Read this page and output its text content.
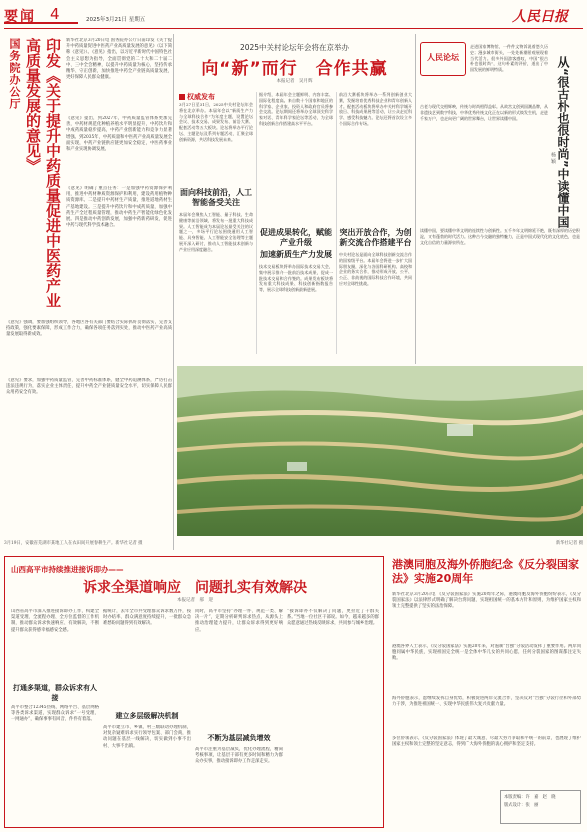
要闻 4	2025年3月21日 星期五	人民日报
国务院办公厅	印发《关于提升中药质量促进中医药产业高质量发展的意见》	新华社北京3月20日电 国务院办公厅日前印发《关于提升中药质量促进中医药产业高质量发展的意见》（以下简称《意见》）。《意见》指出，以习近平新时代中国特色社会主义思想为指导，全面贯彻党的二十大和二十届二中、三中全会精神，以提升中药质量为核心，坚持传承精华、守正创新，加快推进中药全产业链高质量发展，更好保障人民群众健康。

《意见》提出，到2027年，中药质量监管体系更加完善，中药材规范化种植养殖水平明显提升，中药饮片和中成药质量稳步提高，中药产业创新能力和竞争力显著增强。到2035年，中药质量和中医药产业高质量发展全面实现，中药产业链供应链更加安全稳定，中医药事业和产业实现协调发展。

《意见》明确了重点任务：一是加强中药资源保护利用，推进中药材种质资源保护和利用，建设药用植物种质资源库。二是提升中药材生产质量，推进道地药材生产基地建设。三是提升中药饮片和中成药质量，加强中药生产全过程质量管理，推动中药生产智能化绿色化发展。四是推动中药创新发展，加强中药新药研发，促进中药与现代科学技术融合。

《意见》强调，要加强组织领导，各地区各有关部门要结合实际抓好贯彻落实，完善支持政策，强化要素保障，形成工作合力，确保各项任务落到实处，推动中医药产业高质量发展取得新成效。

《意见》要求，加强中药质量监管，完善中药标准体系，健全中药追溯体系，严厉打击违法违规行为，落实企业主体责任，提升中药全产业链质量安全水平，切实保障人民群众用药安全有效。

2025中关村论坛年会将在京举办
向“新”而行　合作共赢
本报记者　吴月辉
权威发布

3月27日至31日，2025中关村论坛年会将在北京举办。本届年会以“新质生产力与全球科技合作”为年度主题，设置论坛会议、技术交易、成果发布、前沿大赛、配套活动等五大板块。论坛将举办平行论坛、主题论坛及系列专题活动，汇聚全球创新资源，共话科技发展未来。

面向科技前沿，人工智能备受关注

本届年会聚焦人工智能、量子科技、生命健康等前沿领域，将发布一批重大科技成果。人工智能成为本届论坛最受关注的议题之一，多场平行论坛围绕通用人工智能、具身智能、人工智能安全治理等主题展开深入研讨，推动人工智能技术创新与产业应用深度融合。

据介绍，本届年会主题鲜明、内容丰富、国际化程度高。来自数十个国家和地区的科学家、企业家、投资人和政府官员将参会交流。论坛期间还将举办全球顶尖科学家对话、青年科学家论坛等活动，为全球科技创新合作搭建高水平平台。

促进成果转化，赋能产业升级
加速新质生产力发展

技术交易板块将举办国际技术交易大会，集中展示推介一批前沿技术成果，促成一批技术交易和合作签约。成果发布板块将发布重大科技成果、科技创新指数报告等，展示全球科技创新最新进展。

前沿大赛板块将举办一系列创新创业大赛，发掘培育优秀科技企业和青年创新人才。配套活动板块将举办中关村科学城开放日、科技成果展等活动，让公众走近科学、感受科技魅力。论坛还将首次设立多个国际合作专场。

突出开放合作，为创新交流合作搭建平台

中关村论坛是面向全球科技创新交流合作的国家级平台。本届年会将进一步扩大国际朋友圈，深化与各国科研机构、高校和企业的务实合作，推动形成开放、公平、公正、非歧视的国际科技合作环境，共同应对全球性挑战。

人民论坛

走进国家博物馆，一件件文物诉说着悠久历史；漫步城市街头，一处处新潮景观展现着当代活力。很多外国游客感叹，中国“很古朴也很时尚”，这句朴素的评价，道出了中国发展的鲜明特质。	从“很古朴也很时尚”中读懂中国
杨 颖

古老与现代交相辉映，传统与时尚相得益彰。从故宫文创到国潮品牌，从非遗技艺到数字科技，中华优秀传统文化正在以新的形式焕发生机，走进千家万户，也走向更广阔的世界舞台，让世界读懂中国。

读懂中国，要读懂中华文明的连续性与创新性。五千多年文明绵延不绝，既有深厚的历史积淀，又有蓬勃的时代活力。这种古今交融的独特魅力，正是中国式现代化的文化底色，也是文化自信的力量源泉所在。

3月19日，安徽省芜湖市某地工人在农田间开展春耕生产。新华社记者 摄	新华社记者 摄
山西高平市持续推进接诉即办——
诉求全渠道响应　问题扎实有效解决
本报记者　郝　迎

山西省高平市深入推进接诉即办工作，构建全渠道受理、全流程办理、全方位监督的工作机制，推动群众诉求快速响应、有效解决，不断提升群众获得感幸福感安全感。

打通多渠道，群众诉求有人接

高平市整合12345热线、网络平台、基层网格等各类诉求渠道，实现群众诉求“一号受理、一网通办”，确保事事有回音、件件有着落。

据统计，去年全市共受理群众诉求数万件，按时办结率、群众满意度持续提升，一批群众急难愁盼问题得到有效解决。

建立多层级解决机制

高平市建立市、乡镇、村三级联动办理机制，对复杂疑难诉求实行领导包案、部门会商，推动问题在基层一线解决，切实做到小事不出村、大事不出镇。

同时，高平市坚持“办理一件、规范一类、解决一片”，定期分析研判诉求热点，从源头上推动治理能力提升，让群众诉求得到更好响应。

不断为基层减负增效

高平市注重为基层减负，优化办理流程，精简考核事项，让基层干部有更多时间和精力为群众办实事，推动接诉即办工作走深走实。

“接诉即办不仅解决了问题，更拉近了干群关系。”当地一位社区干部说。如今，越来越多的群众愿意通过热线反映诉求，共同参与城乡治理。

港澳同胞及海外侨胞纪念《反分裂国家法》实施20周年

新华社北京3月20日电 《反分裂国家法》实施20周年之际，港澳同胞及海外侨胞纷纷表示，《反分裂国家法》以法律形式明确了解决台湾问题、实现祖国统一的基本方针和原则，为维护国家主权和领土完整提供了坚实的法治保障。

港澳各界人士表示，《反分裂国家法》实施20年来，对遏制“台独”分裂活动发挥了重要作用。两岸同胞同属中华民族，实现祖国完全统一是全体中华儿女的共同心愿，任何分裂国家的图谋都注定失败。

海外侨胞表示，愿继续发挥自身优势，积极促进两岸交流合作，坚决反对“台独”分裂行径和外部势力干涉，为推进祖国统一、实现中华民族伟大复兴贡献力量。

多位侨领表示，《反分裂国家法》体现了最大诚意、尽最大努力争取和平统一的前景，也展现了维护国家主权和领土完整的坚定意志，得到广大海外侨胞的衷心拥护和坚定支持。

本版责编：许　嘉　赵　晓
版式设计：张　丽
